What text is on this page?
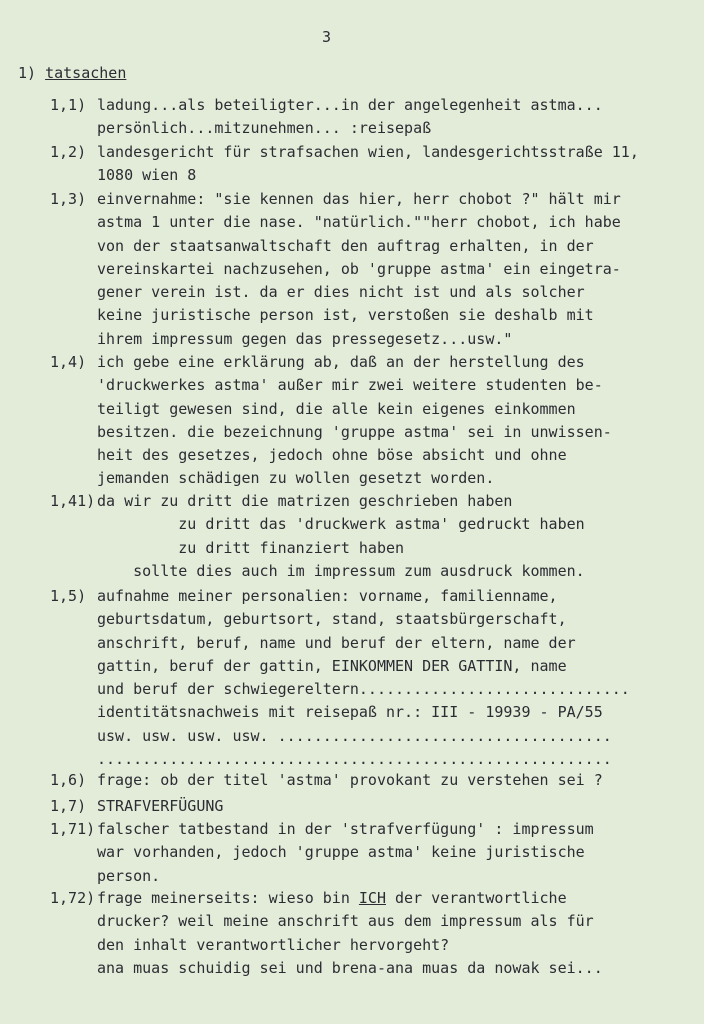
3
1) tatsachen
1,1) ladung...als beteiligter...in der angelegenheit astma...
persönlich...mitzunehmen... :reisepaß
1,2) landesgericht für strafsachen wien, landesgerichtsstraße 11,
1080 wien 8
1,3) einvernahme: "sie kennen das hier, herr chobot ?" hält mir
astma 1 unter die nase. "natürlich.""herr chobot, ich habe
von der staatsanwaltschaft den auftrag erhalten, in der
vereinskartei nachzusehen, ob 'gruppe astma' ein eingetra-
gener verein ist. da er dies nicht ist und als solcher
keine juristische person ist, verstoßen sie deshalb mit
ihrem impressum gegen das pressegesetz...usw."
1,4) ich gebe eine erklärung ab, daß an der herstellung des
'druckwerkes astma' außer mir zwei weitere studenten be-
teiligt gewesen sind, die alle kein eigenes einkommen
besitzen. die bezeichnung 'gruppe astma' sei in unwissen-
heit des gesetzes, jedoch ohne böse absicht und ohne
jemanden schädigen zu wollen gesetzt worden.
1,41) da wir zu dritt die matrizen geschrieben haben
zu dritt das 'druckwerk astma' gedruckt haben
zu dritt finanziert haben
sollte dies auch im impressum zum ausdruck kommen.
1,5) aufnahme meiner personalien: vorname, familienname,
geburtsdatum, geburtsort, stand, staatsbürgerschaft,
anschrift, beruf, name und beruf der eltern, name der
gattin, beruf der gattin, EINKOMMEN DER GATTIN, name
und beruf der schwiegereltern..............................
identitätsnachweis mit reisepaß nr.: III - 19939 - PA/55
usw. usw. usw. usw. .....................................
.........................................................
1,6) frage: ob der titel 'astma' provokant zu verstehen sei ?
1,7) STRAFVERFÜGUNG
1,71) falscher tatbestand in der 'strafverfügung' : impressum
war vorhanden, jedoch 'gruppe astma' keine juristische
person.
1,72) frage meinerseits: wieso bin ICH der verantwortliche
drucker? weil meine anschrift aus dem impressum als für
den inhalt verantwortlicher hervorgeht?
ana muas schuidig sei und brena-ana muas da nowak sei...
